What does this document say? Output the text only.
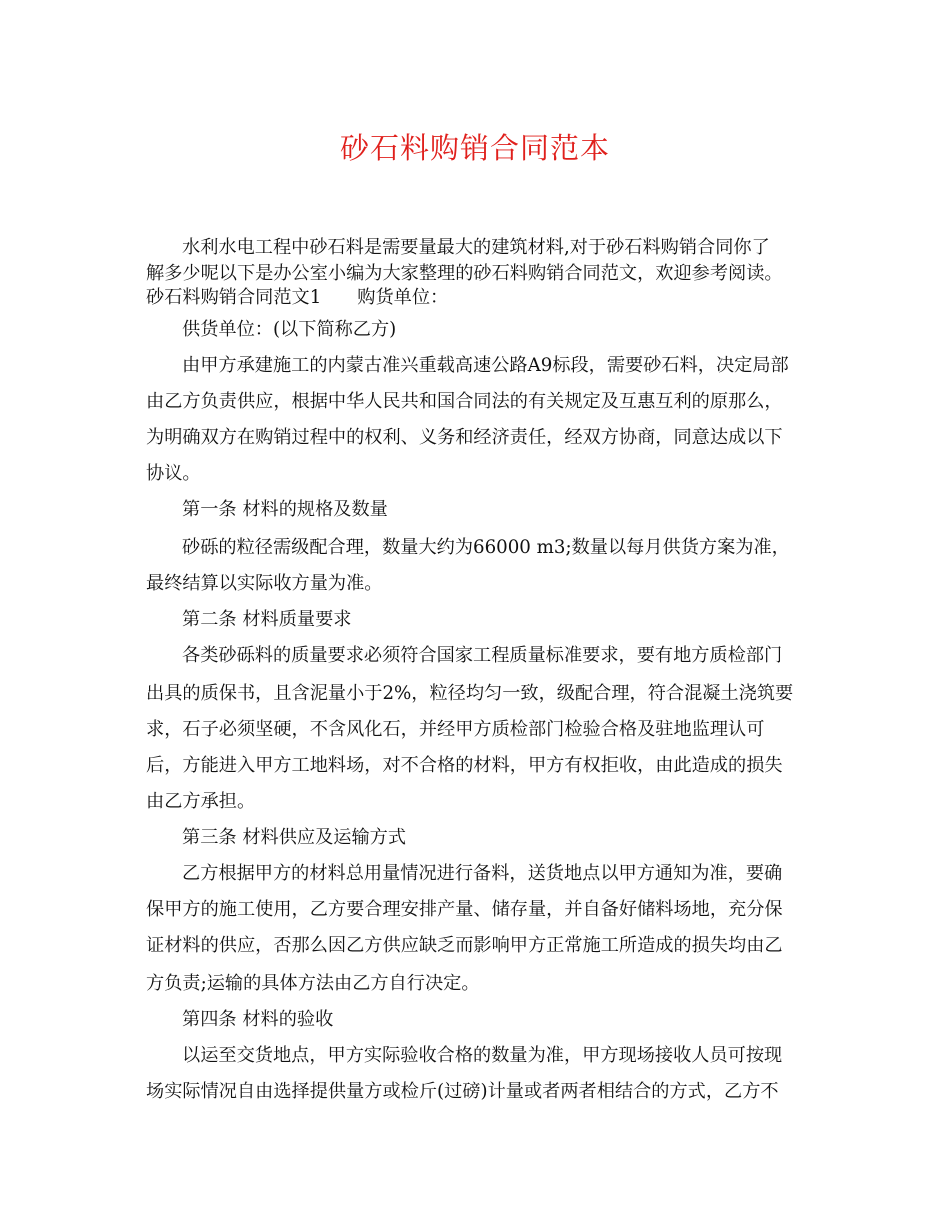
砂石料购销合同范本
水利水电工程中砂石料是需要量最大的建筑材料,对于砂石料购销合同你了
解多少呢以下是办公室小编为大家整理的砂石料购销合同范文，欢迎参考阅读。
砂石料购销合同范文1 购货单位：
供货单位：(以下简称乙方)
由甲方承建施工的内蒙古准兴重载高速公路A9标段，需要砂石料，决定局部
由乙方负责供应，根据中华人民共和国合同法的有关规定及互惠互利的原那么，
为明确双方在购销过程中的权利、义务和经济责任，经双方协商，同意达成以下
协议。
第一条 材料的规格及数量
砂砾的粒径需级配合理，数量大约为66000 m3;数量以每月供货方案为准，
最终结算以实际收方量为准。
第二条 材料质量要求
各类砂砾料的质量要求必须符合国家工程质量标准要求，要有地方质检部门
出具的质保书，且含泥量小于2%，粒径均匀一致，级配合理，符合混凝土浇筑要
求，石子必须坚硬，不含风化石，并经甲方质检部门检验合格及驻地监理认可
后，方能进入甲方工地料场，对不合格的材料，甲方有权拒收，由此造成的损失
由乙方承担。
第三条 材料供应及运输方式
乙方根据甲方的材料总用量情况进行备料，送货地点以甲方通知为准，要确
保甲方的施工使用，乙方要合理安排产量、储存量，并自备好储料场地，充分保
证材料的供应，否那么因乙方供应缺乏而影响甲方正常施工所造成的损失均由乙
方负责;运输的具体方法由乙方自行决定。
第四条 材料的验收
以运至交货地点，甲方实际验收合格的数量为准，甲方现场接收人员可按现
场实际情况自由选择提供量方或检斤(过磅)计量或者两者相结合的方式，乙方不
